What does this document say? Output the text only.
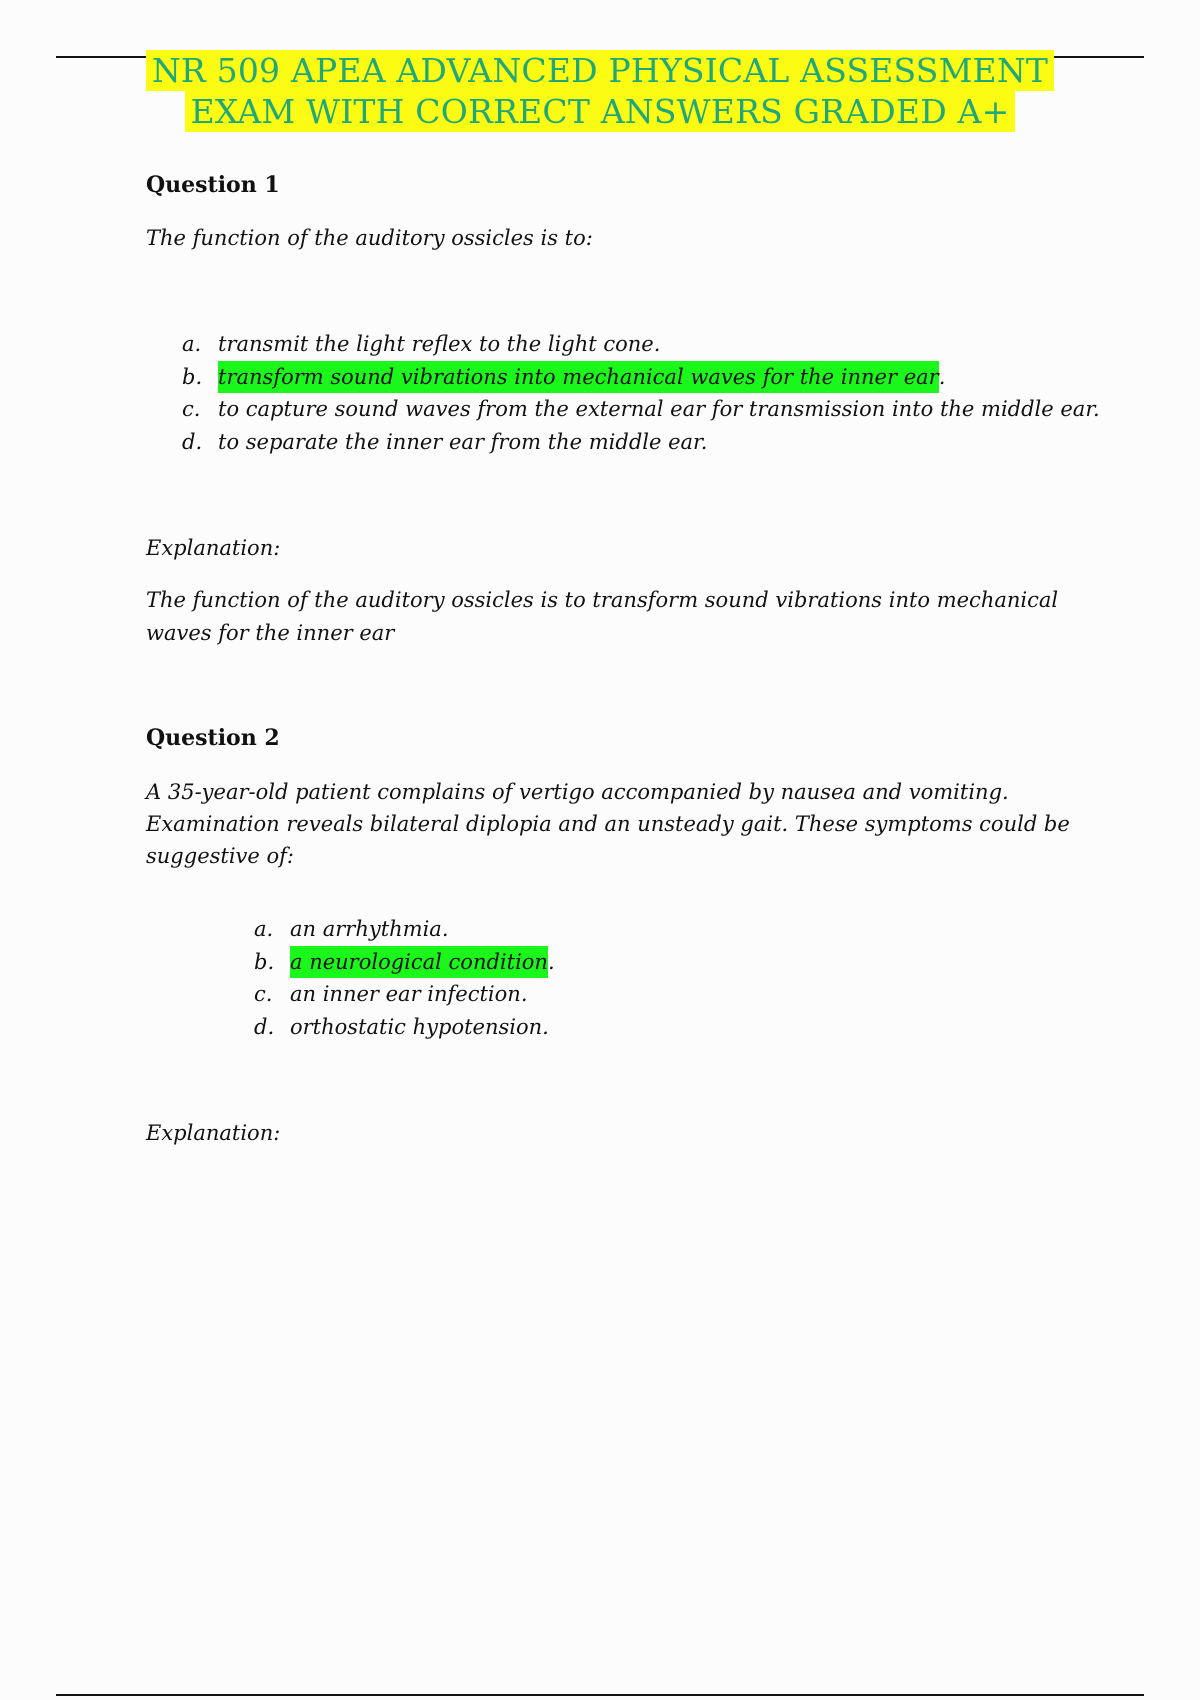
NR 509 APEA ADVANCED PHYSICAL ASSESSMENT
EXAM WITH CORRECT ANSWERS GRADED A+
Question 1
The function of the auditory ossicles is to:
a. transmit the light reflex to the light cone.
b. transform sound vibrations into mechanical waves for the inner ear .
c. to capture sound waves from the external ear for transmission into the middle ear.
d. to separate the inner ear from the middle ear.
Explanation:
The function of the auditory ossicles is to transform sound vibrations into mechanical waves for the inner ear
Question 2
A 35-year-old patient complains of vertigo accompanied by nausea and vomiting. Examination reveals bilateral diplopia and an unsteady gait. These symptoms could be suggestive of:
a. an arrhythmia.
b. a neurological condition .
c. an inner ear infection.
d. orthostatic hypotension.
Explanation:
